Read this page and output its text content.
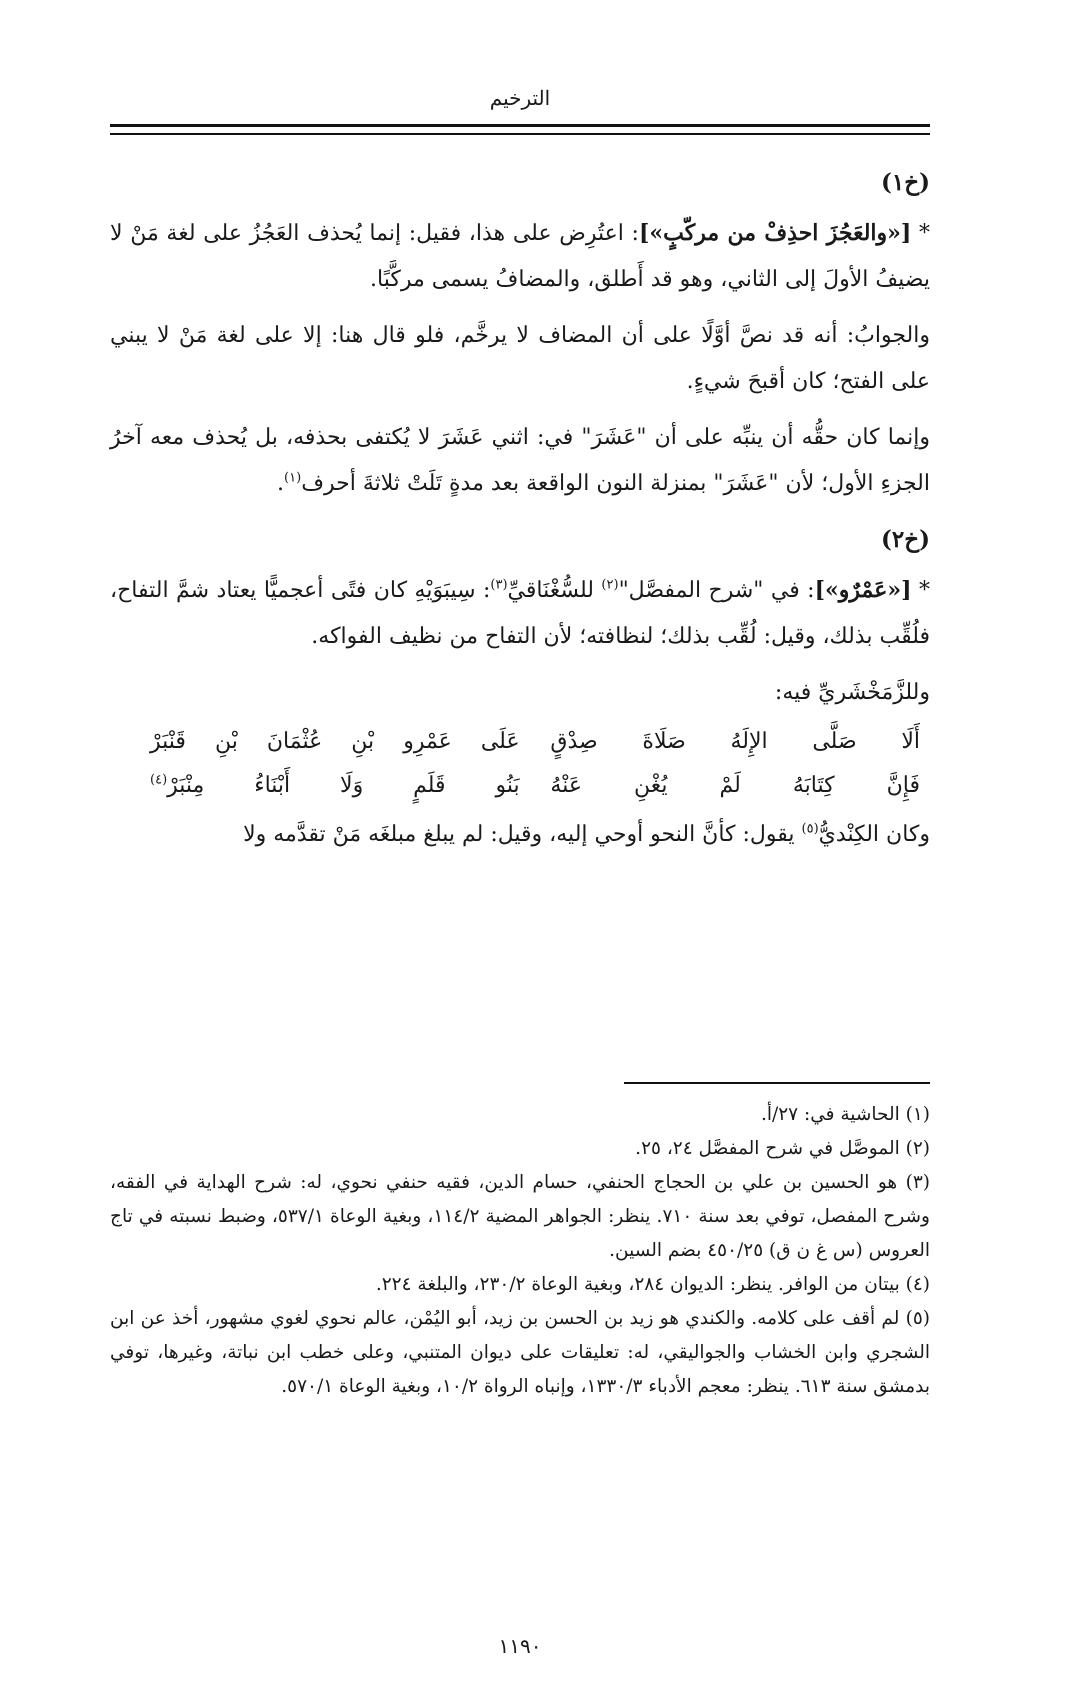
الترخيم
(خ١)

* [«والعَجُزَ احذِفْ من مركّبٍ»]: اعتُرِض على هذا، فقيل: إنما يُحذف العَجُزُ على لغة مَنْ لا يضيفُ الأولَ إلى الثاني، وهو قد أَطلق، والمضافُ يسمى مركَّبًا.

والجوابُ: أنه قد نصَّ أوَّلًا على أن المضاف لا يرخَّم، فلو قال هنا: إلا على لغة مَنْ لا يبني على الفتح؛ كان أقبحَ شيءٍ.

وإنما كان حقُّه أن ينبِّه على أن "عَشَرَ" في: اثني عَشَرَ لا يُكتفى بحذفه، بل يُحذف معه آخرُ الجزءِ الأول؛ لأن "عَشَرَ" بمنزلة النون الواقعة بعد مدةٍ تَلَتْ ثلاثةَ أحرف$^{(١)}$.

(خ٢)

* [«عَمْرٌو»]: في "شرح المفصَّل"$^{(٢)}$ للسُّغْنَاقيِّ$^{(٣)}$: سِيبَوَيْهِ كان فتًى أعجميًّا يعتاد شمَّ التفاح، فلُقِّب بذلك، وقيل: لُقِّب بذلك؛ لنظافته؛ لأن التفاح من نظيف الفواكه.

وللزَّمَخْشَريِّ فيه:

أَلَا صَلَّى الإِلَهُ صَلَاةَ صِدْقٍ
عَلَى عَمْرِو بْنِ عُثْمَانَ بْنِ قَنْبَرْ
فَإِنَّ كِتَابَهُ لَمْ يُغْنِ عَنْهُ
بَنُو قَلَمٍ وَلَا أَبْنَاءُ مِنْبَرْ$^{(٤)}$

وكان الكِنْديُّ$^{(٥)}$ يقول: كأنَّ النحو أوحي إليه، وقيل: لم يبلغ مبلغَه مَنْ تقدَّمه ولا

(١) الحاشية في: ٢٧/أ.

(٢) الموصَّل في شرح المفصَّل ٢٤، ٢٥.

(٣) هو الحسين بن علي بن الحجاج الحنفي، حسام الدين، فقيه حنفي نحوي، له: شرح الهداية في الفقه، وشرح المفصل، توفي بعد سنة ٧١٠. ينظر: الجواهر المضية ١١٤/٢، وبغية الوعاة ٥٣٧/١، وضبط نسبته في تاج العروس (س غ ن ق) ٤٥٠/٢٥ بضم السين.

(٤) بيتان من الوافر. ينظر: الديوان ٢٨٤، وبغية الوعاة ٢٣٠/٢، والبلغة ٢٢٤.

(٥) لم أقف على كلامه. والكندي هو زيد بن الحسن بن زيد، أبو اليُمْن، عالم نحوي لغوي مشهور، أخذ عن ابن الشجري وابن الخشاب والجواليقي، له: تعليقات على ديوان المتنبي، وعلى خطب ابن نباتة، وغيرها، توفي بدمشق سنة ٦١٣. ينظر: معجم الأدباء ١٣٣٠/٣، وإنباه الرواة ١٠/٢، وبغية الوعاة ٥٧٠/١.

١١٩٠
